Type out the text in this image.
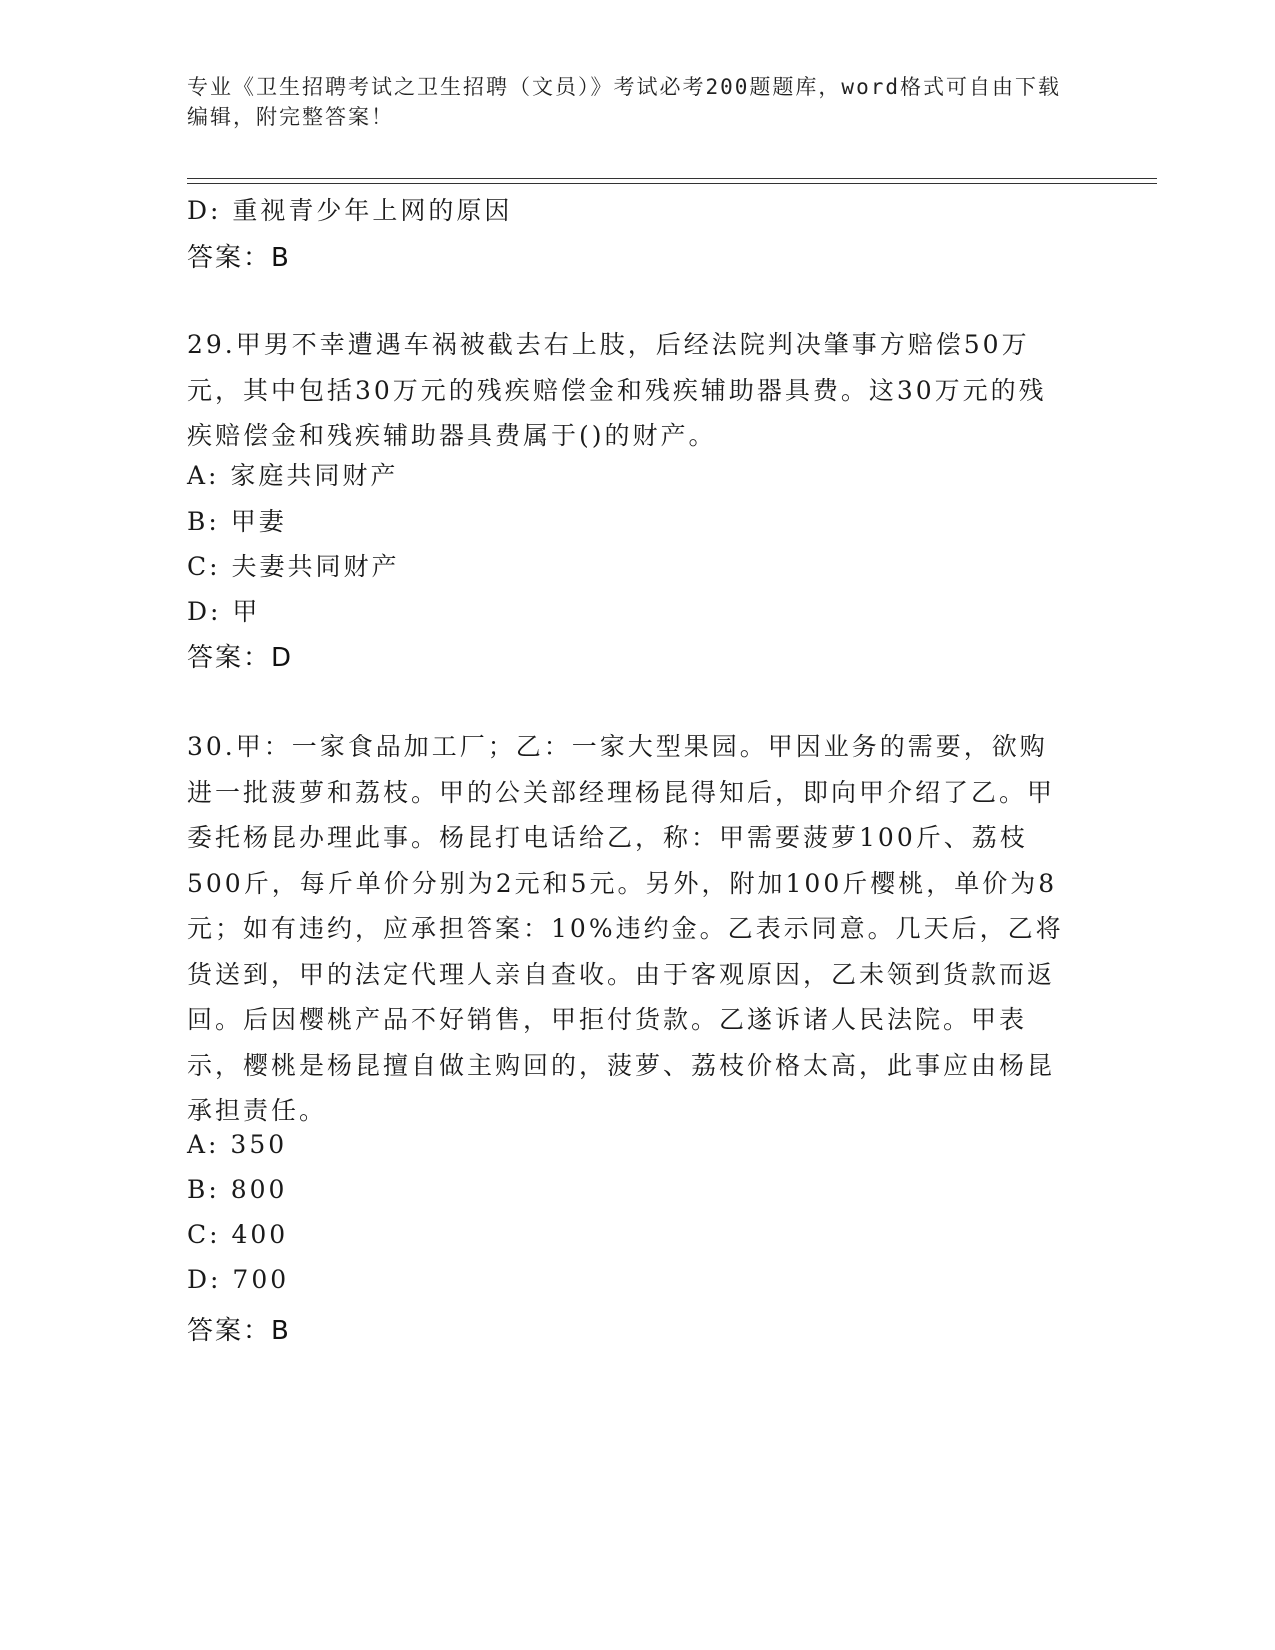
专业《卫生招聘考试之卫生招聘（文员）》考试必考200题题库，word格式可自由下载编辑，附完整答案！
D: 重视青少年上网的原因
答案：B
29.甲男不幸遭遇车祸被截去右上肢，后经法院判决肇事方赔偿50万元，其中包括30万元的残疾赔偿金和残疾辅助器具费。这30万元的残疾赔偿金和残疾辅助器具费属于()的财产。
A: 家庭共同财产
B: 甲妻
C: 夫妻共同财产
D: 甲
答案：D
30.甲：一家食品加工厂；乙：一家大型果园。甲因业务的需要，欲购进一批菠萝和荔枝。甲的公关部经理杨昆得知后，即向甲介绍了乙。甲委托杨昆办理此事。杨昆打电话给乙，称：甲需要菠萝100斤、荔枝500斤，每斤单价分别为2元和5元。另外，附加100斤樱桃，单价为8元；如有违约，应承担答案：10%违约金。乙表示同意。几天后，乙将货送到，甲的法定代理人亲自查收。由于客观原因，乙未领到货款而返回。后因樱桃产品不好销售，甲拒付货款。乙遂诉诸人民法院。甲表示，樱桃是杨昆擅自做主购回的，菠萝、荔枝价格太高，此事应由杨昆承担责任。
A: 350
B: 800
C: 400
D: 700
答案：B
